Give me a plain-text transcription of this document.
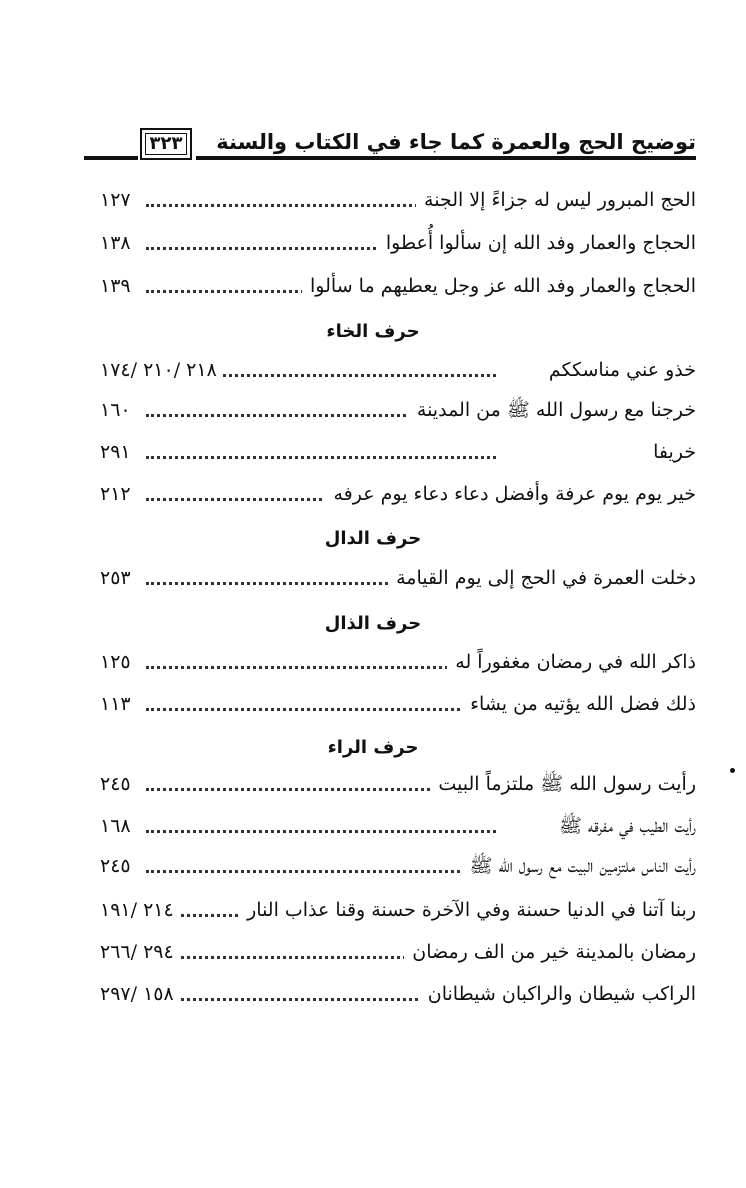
توضيح الحج والعمرة كما جاء في الكتاب والسنة
٣٢٣
الحج المبرور ليس له جزاءً إلا الجنة
١٢٧
الحجاج والعمار وفد الله إن سألوا أُعطوا
١٣٨
الحجاج والعمار وفد الله عز وجل يعطيهم ما سألوا
١٣٩
حرف الخاء
خذو عني مناسككم
٢١٨ /٢١٠ /١٧٤
خرجنا مع رسول الله ﷺ من المدينة
١٦٠
خريفا
٢٩١
خير يوم يوم عرفة وأفضل دعاء دعاء يوم عرفه
٢١٢
حرف الدال
دخلت العمرة في الحج إلى يوم القيامة
٢٥٣
حرف الذال
ذاكر الله في رمضان مغفوراً له
١٢٥
ذلك فضل الله يؤتيه من يشاء
١١٣
حرف الراء
رأيت رسول الله ﷺ ملتزماً البيت
٢٤٥
رأيت الطيب في مفرقه ﷺ
١٦٨
رأيت الناس ملتزمين البيت مع رسول الله ﷺ
٢٤٥
ربنا آتنا في الدنيا حسنة وفي الآخرة حسنة وقنا عذاب النار
٢١٤ /١٩١
رمضان بالمدينة خير من الف رمضان
٢٩٤ /٢٦٦
الراكب شيطان والراكبان شيطانان
١٥٨ /٢٩٧
